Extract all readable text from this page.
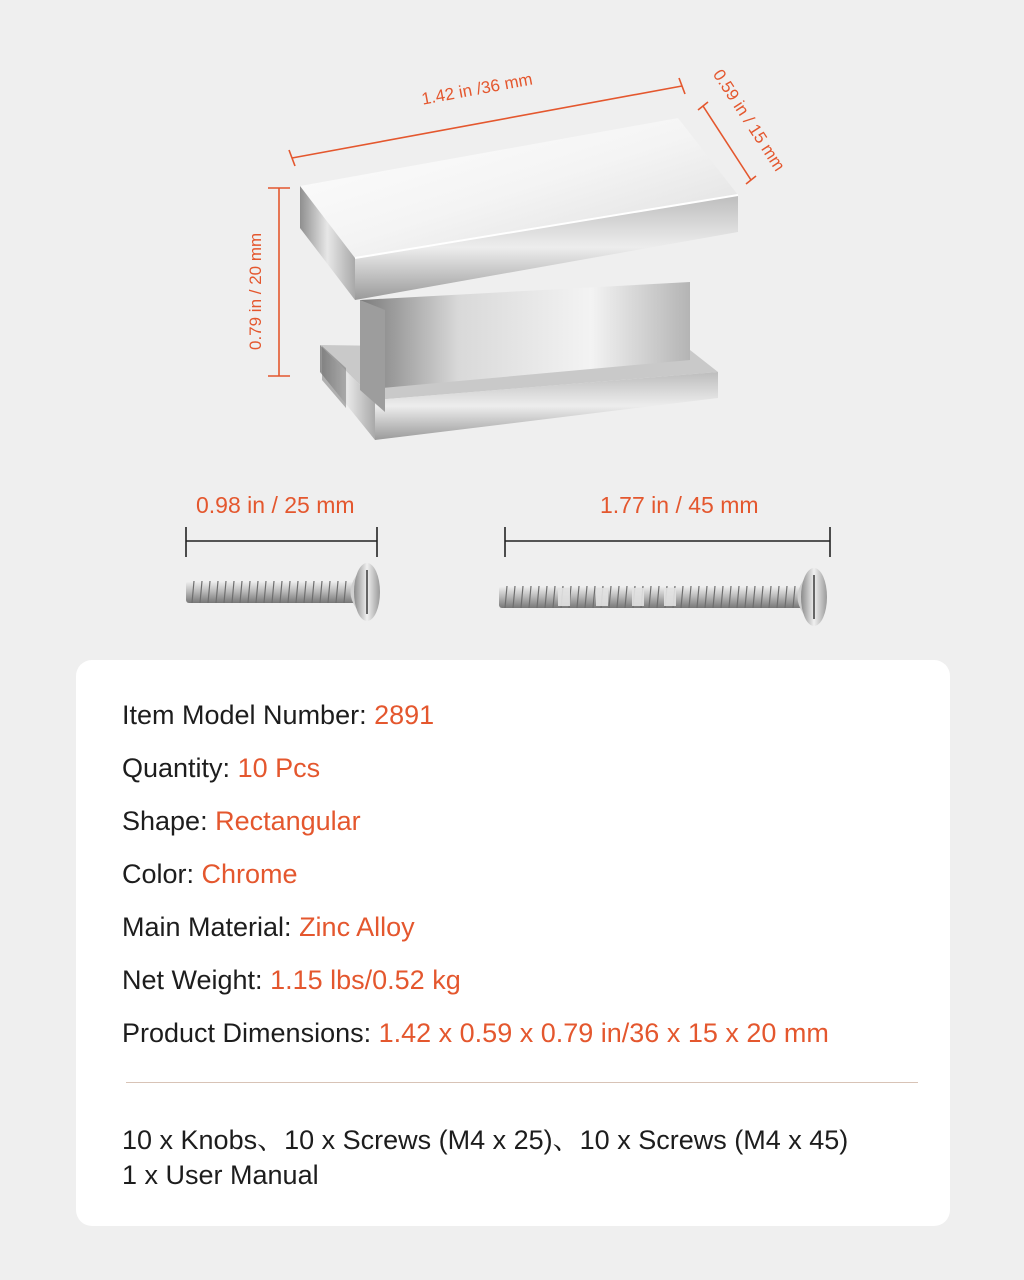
1.42 in /36 mm	0.59 in / 15 mm
0.79 in / 20 mm
0.98 in / 25 mm	1.77 in / 45 mm
Item Model Number: 2891
Quantity: 10 Pcs
Shape: Rectangular
Color: Chrome
Main Material: Zinc Alloy
Net Weight: 1.15 lbs/0.52 kg
Product Dimensions: 1.42 x 0.59 x 0.79 in/36 x 15 x 20 mm
10 x Knobs、10 x Screws (M4 x 25)、10 x Screws (M4 x 45)
1 x User Manual
